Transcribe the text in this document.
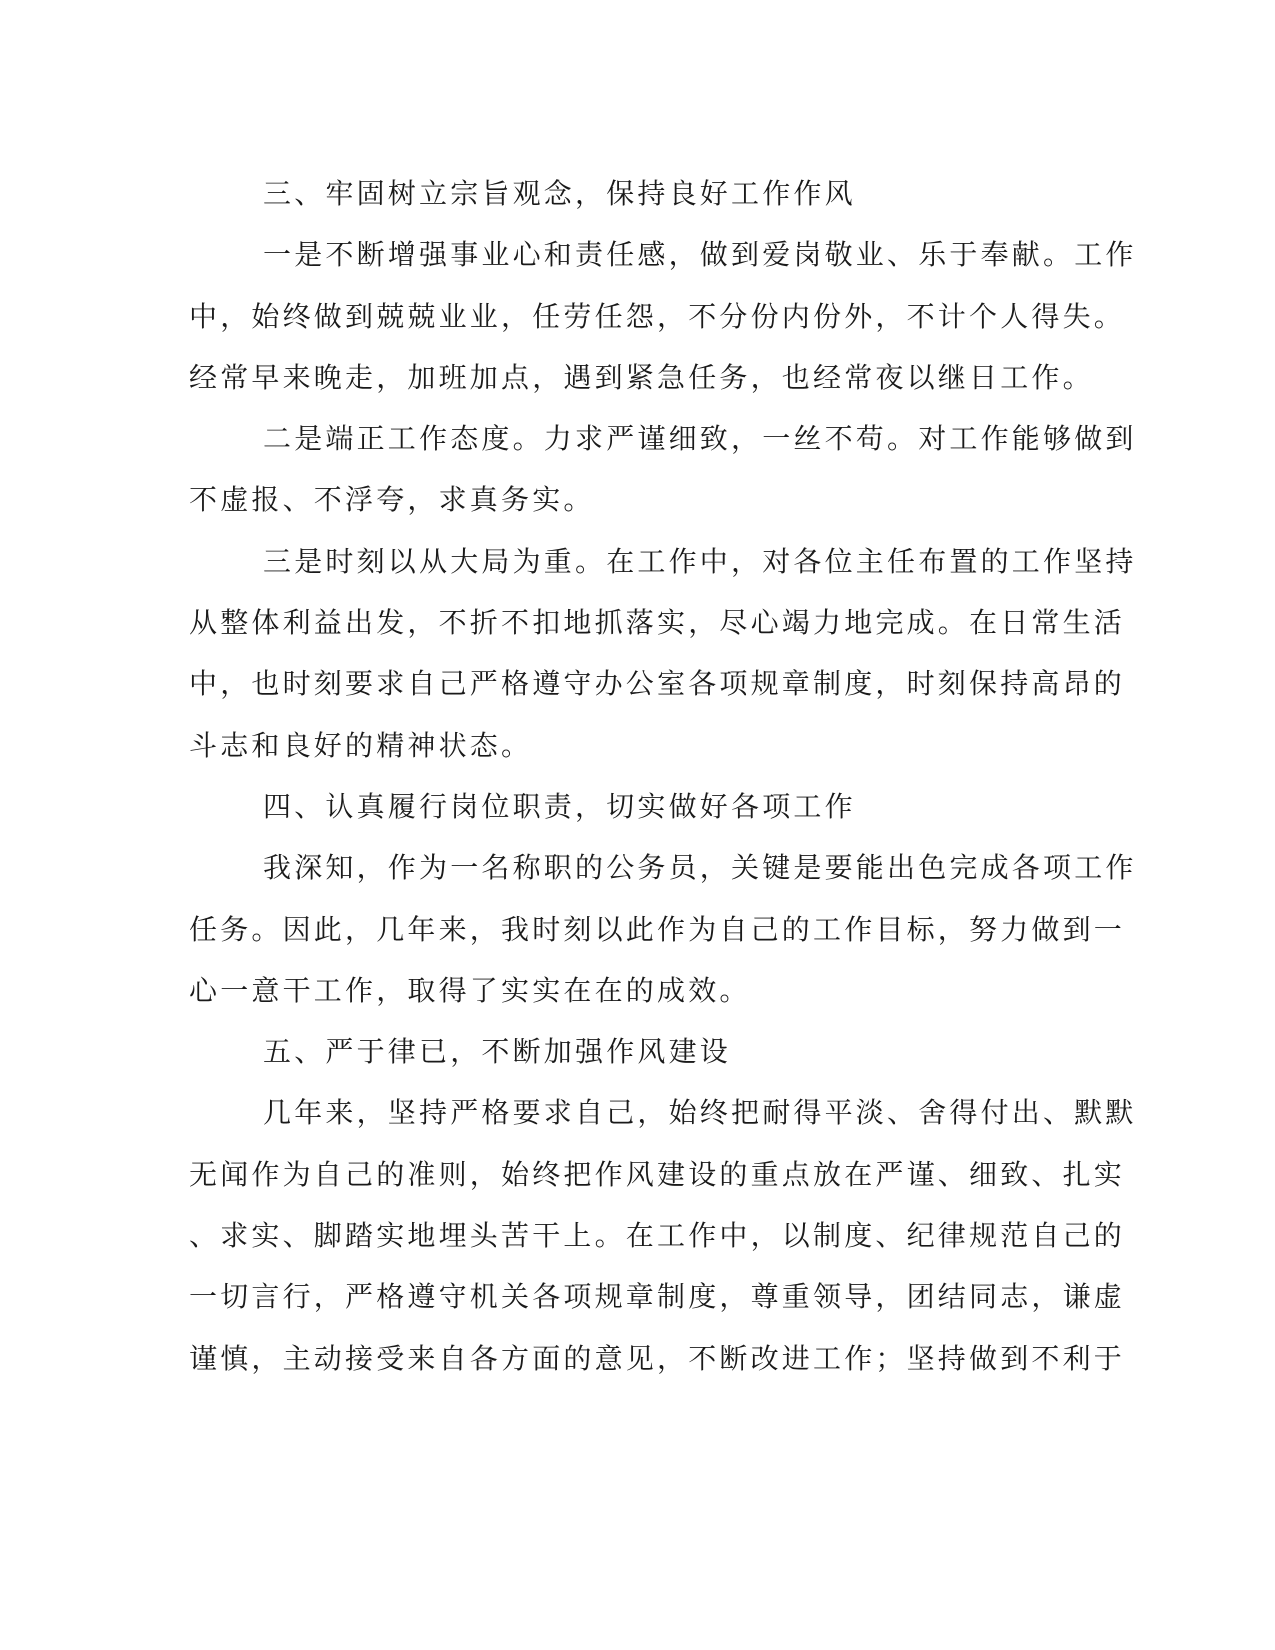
三、牢固树立宗旨观念，保持良好工作作风
一是不断增强事业心和责任感，做到爱岗敬业、乐于奉献。工作
中，始终做到兢兢业业，任劳任怨，不分份内份外，不计个人得失。
经常早来晚走，加班加点，遇到紧急任务，也经常夜以继日工作。
二是端正工作态度。力求严谨细致，一丝不苟。对工作能够做到
不虚报、不浮夸，求真务实。
三是时刻以从大局为重。在工作中，对各位主任布置的工作坚持
从整体利益出发，不折不扣地抓落实，尽心竭力地完成。在日常生活
中，也时刻要求自己严格遵守办公室各项规章制度，时刻保持高昂的
斗志和良好的精神状态。
四、认真履行岗位职责，切实做好各项工作
我深知，作为一名称职的公务员，关键是要能出色完成各项工作
任务。因此，几年来，我时刻以此作为自己的工作目标，努力做到一
心一意干工作，取得了实实在在的成效。
五、严于律已，不断加强作风建设
几年来，坚持严格要求自己，始终把耐得平淡、舍得付出、默默
无闻作为自己的准则，始终把作风建设的重点放在严谨、细致、扎实
、求实、脚踏实地埋头苦干上。在工作中，以制度、纪律规范自己的
一切言行，严格遵守机关各项规章制度，尊重领导，团结同志，谦虚
谨慎，主动接受来自各方面的意见，不断改进工作；坚持做到不利于
